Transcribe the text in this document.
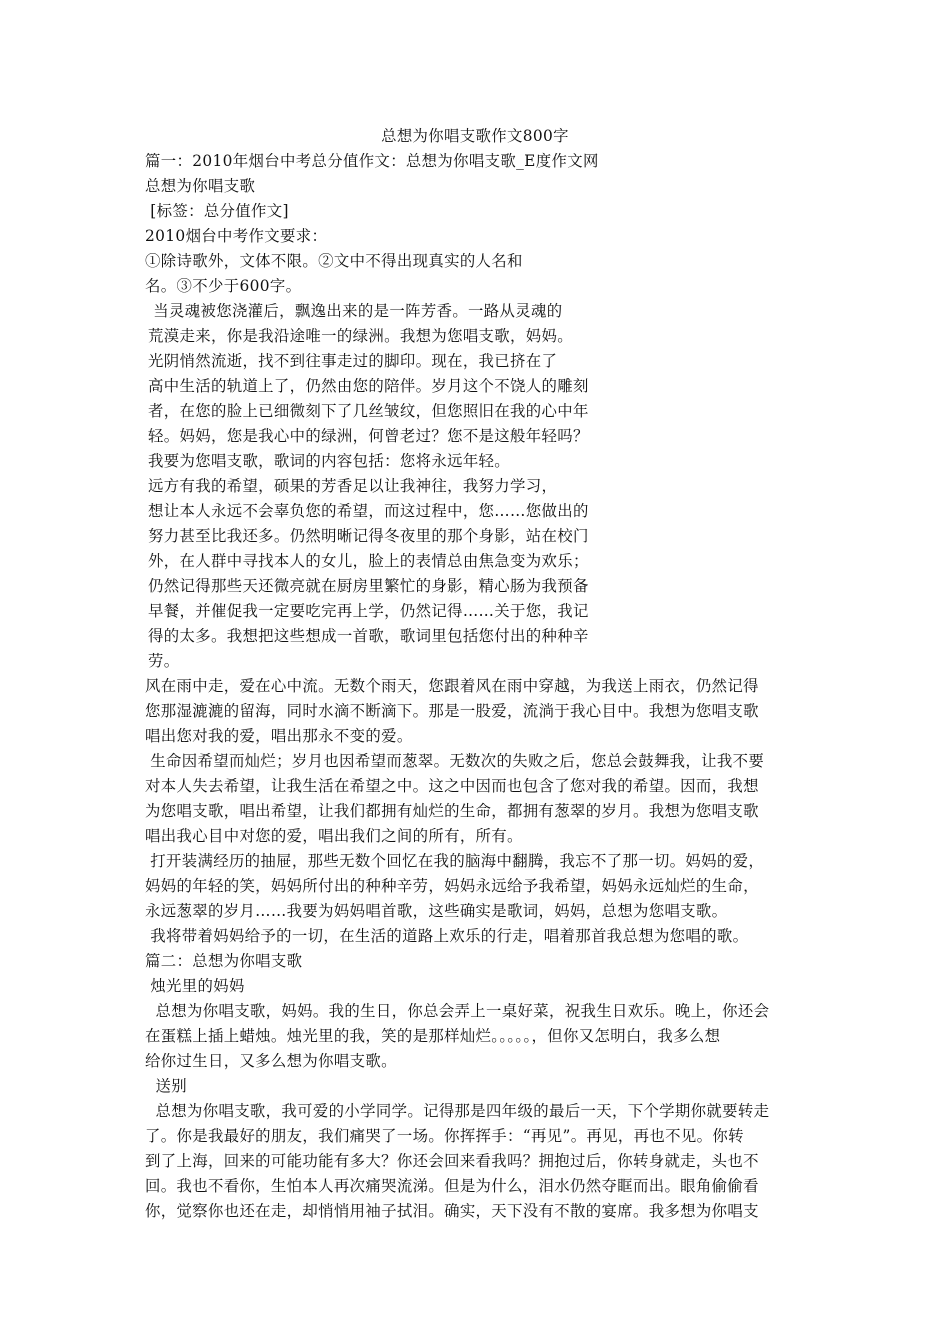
总想为你唱支歌作文800字
篇一：2010年烟台中考总分值作文：总想为你唱支歌_E度作文网
总想为你唱支歌
[标签：总分值作文]
2010烟台中考作文要求：
①除诗歌外，文体不限。②文中不得出现真实的人名和
名。③不少于600字。
当灵魂被您浇灌后，飘逸出来的是一阵芳香。一路从灵魂的
荒漠走来，你是我沿途唯一的绿洲。我想为您唱支歌，妈妈。
光阴悄然流逝，找不到往事走过的脚印。现在，我已挤在了
高中生活的轨道上了，仍然由您的陪伴。岁月这个不饶人的雕刻
者，在您的脸上已细微刻下了几丝皱纹，但您照旧在我的心中年
轻。妈妈，您是我心中的绿洲，何曾老过？您不是这般年轻吗？
我要为您唱支歌，歌词的内容包括：您将永远年轻。
远方有我的希望，硕果的芳香足以让我神往，我努力学习，
想让本人永远不会辜负您的希望，而这过程中，您……您做出的
努力甚至比我还多。仍然明晰记得冬夜里的那个身影，站在校门
外，在人群中寻找本人的女儿，脸上的表情总由焦急变为欢乐；
仍然记得那些天还微亮就在厨房里繁忙的身影，精心肠为我预备
早餐，并催促我一定要吃完再上学，仍然记得……关于您，我记
得的太多。我想把这些想成一首歌，歌词里包括您付出的种种辛
劳。
风在雨中走，爱在心中流。无数个雨天，您跟着风在雨中穿越，为我送上雨衣，仍然记得
您那湿漉漉的留海，同时水滴不断滴下。那是一股爱，流淌于我心目中。我想为您唱支歌
唱出您对我的爱，唱出那永不变的爱。
生命因希望而灿烂；岁月也因希望而葱翠。无数次的失败之后，您总会鼓舞我，让我不要
对本人失去希望，让我生活在希望之中。这之中因而也包含了您对我的希望。因而，我想
为您唱支歌，唱出希望，让我们都拥有灿烂的生命，都拥有葱翠的岁月。我想为您唱支歌
唱出我心目中对您的爱，唱出我们之间的所有，所有。
打开装满经历的抽屉，那些无数个回忆在我的脑海中翻腾，我忘不了那一切。妈妈的爱，
妈妈的年轻的笑，妈妈所付出的种种辛劳，妈妈永远给予我希望，妈妈永远灿烂的生命，
永远葱翠的岁月……我要为妈妈唱首歌，这些确实是歌词，妈妈，总想为您唱支歌。
我将带着妈妈给予的一切，在生活的道路上欢乐的行走，唱着那首我总想为您唱的歌。
篇二：总想为你唱支歌
烛光里的妈妈
总想为你唱支歌，妈妈。我的生日，你总会弄上一桌好菜，祝我生日欢乐。晚上，你还会
在蛋糕上插上蜡烛。烛光里的我，笑的是那样灿烂。。。。。，但你又怎明白，我多么想
给你过生日，又多么想为你唱支歌。
送别
总想为你唱支歌，我可爱的小学同学。记得那是四年级的最后一天，下个学期你就要转走
了。你是我最好的朋友，我们痛哭了一场。你挥挥手：“再见”。再见，再也不见。你转
到了上海，回来的可能功能有多大？你还会回来看我吗？拥抱过后，你转身就走，头也不
回。我也不看你，生怕本人再次痛哭流涕。但是为什么，泪水仍然夺眶而出。眼角偷偷看
你，觉察你也还在走，却悄悄用袖子拭泪。确实，天下没有不散的宴席。我多想为你唱支
